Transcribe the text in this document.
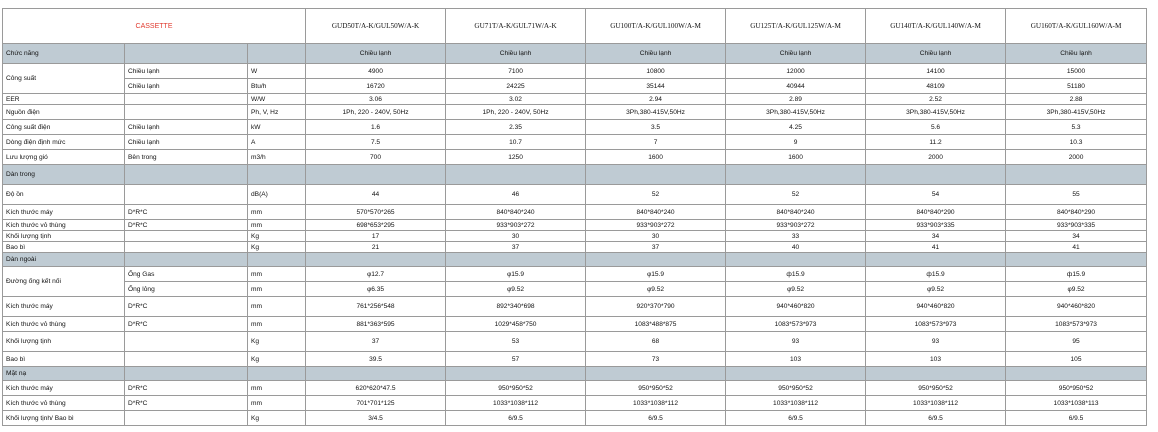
CASSETTE			GUD50T/A-K/GUL50W/A-K	GU71T/A-K/GUL71W/A-K	GU100T/A-K/GUL100W/A-M	GU125T/A-K/GUL125W/A-M	GU140T/A-K/GUL140W/A-M	GU160T/A-K/GUL160W/A-M
Chức năng			Chiều lạnh	Chiều lạnh	Chiều lạnh	Chiều lạnh	Chiều lạnh	Chiều lạnh
Công suất	Chiều lạnh	W	4900	7100	10800	12000	14100	15000
	Chiều lạnh	Btu/h	16720	24225	35144	40944	48109	51180
EER		W/W	3.06	3.02	2.94	2.89	2.52	2.88
Nguồn điện		Ph, V, Hz	1Ph, 220 - 240V, 50Hz	1Ph, 220 - 240V, 50Hz	3Ph,380-415V,50Hz	3Ph,380-415V,50Hz	3Ph,380-415V,50Hz	3Ph,380-415V,50Hz
Công suất điện	Chiều lạnh	kW	1.6	2.35	3.5	4.25	5.6	5.3
Dòng điện định mức	Chiều lạnh	A	7.5	10.7	7	9	11.2	10.3
Lưu lượng gió	Bên trong	m3/h	700	1250	1600	1600	2000	2000
Dàn trong								
Độ ồn		dB(A)	44	46	52	52	54	55
Kích thước máy	D*R*C	mm	570*570*265	840*840*240	840*840*240	840*840*240	840*840*290	840*840*290
Kích thước vỏ thùng	D*R*C	mm	698*653*295	933*903*272	933*903*272	933*903*272	933*903*335	933*903*335
Khối lượng tịnh		Kg	17	30	30	33	34	34
Bao bì		Kg	21	37	37	40	41	41
Dàn ngoài								
Đường ống kết nối	Ống Gas	mm	φ12.7	φ15.9	φ15.9	ф15.9	ф15.9	ф15.9
	Ống lỏng	mm	φ6.35	φ9.52	φ9.52	φ9.52	φ9.52	φ9.52
Kích thước máy	D*R*C	mm	761*256*548	892*340*698	920*370*790	940*460*820	940*460*820	940*460*820
Kích thước vỏ thùng	D*R*C	mm	881*363*595	1029*458*750	1083*488*875	1083*573*973	1083*573*973	1083*573*973
Khối lượng tịnh		Kg	37	53	68	93	93	95
Bao bì		Kg	39.5	57	73	103	103	105
Mặt nạ								
Kích thước máy	D*R*C	mm	620*620*47.5	950*950*52	950*950*52	950*950*52	950*950*52	950*950*52
Kích thước vỏ thùng	D*R*C	mm	701*701*125	1033*1038*112	1033*1038*112	1033*1038*112	1033*1038*112	1033*1038*113
Khối lượng tịnh/ Bao bì		Kg	3/4.5	6/9.5	6/9.5	6/9.5	6/9.5	6/9.5
